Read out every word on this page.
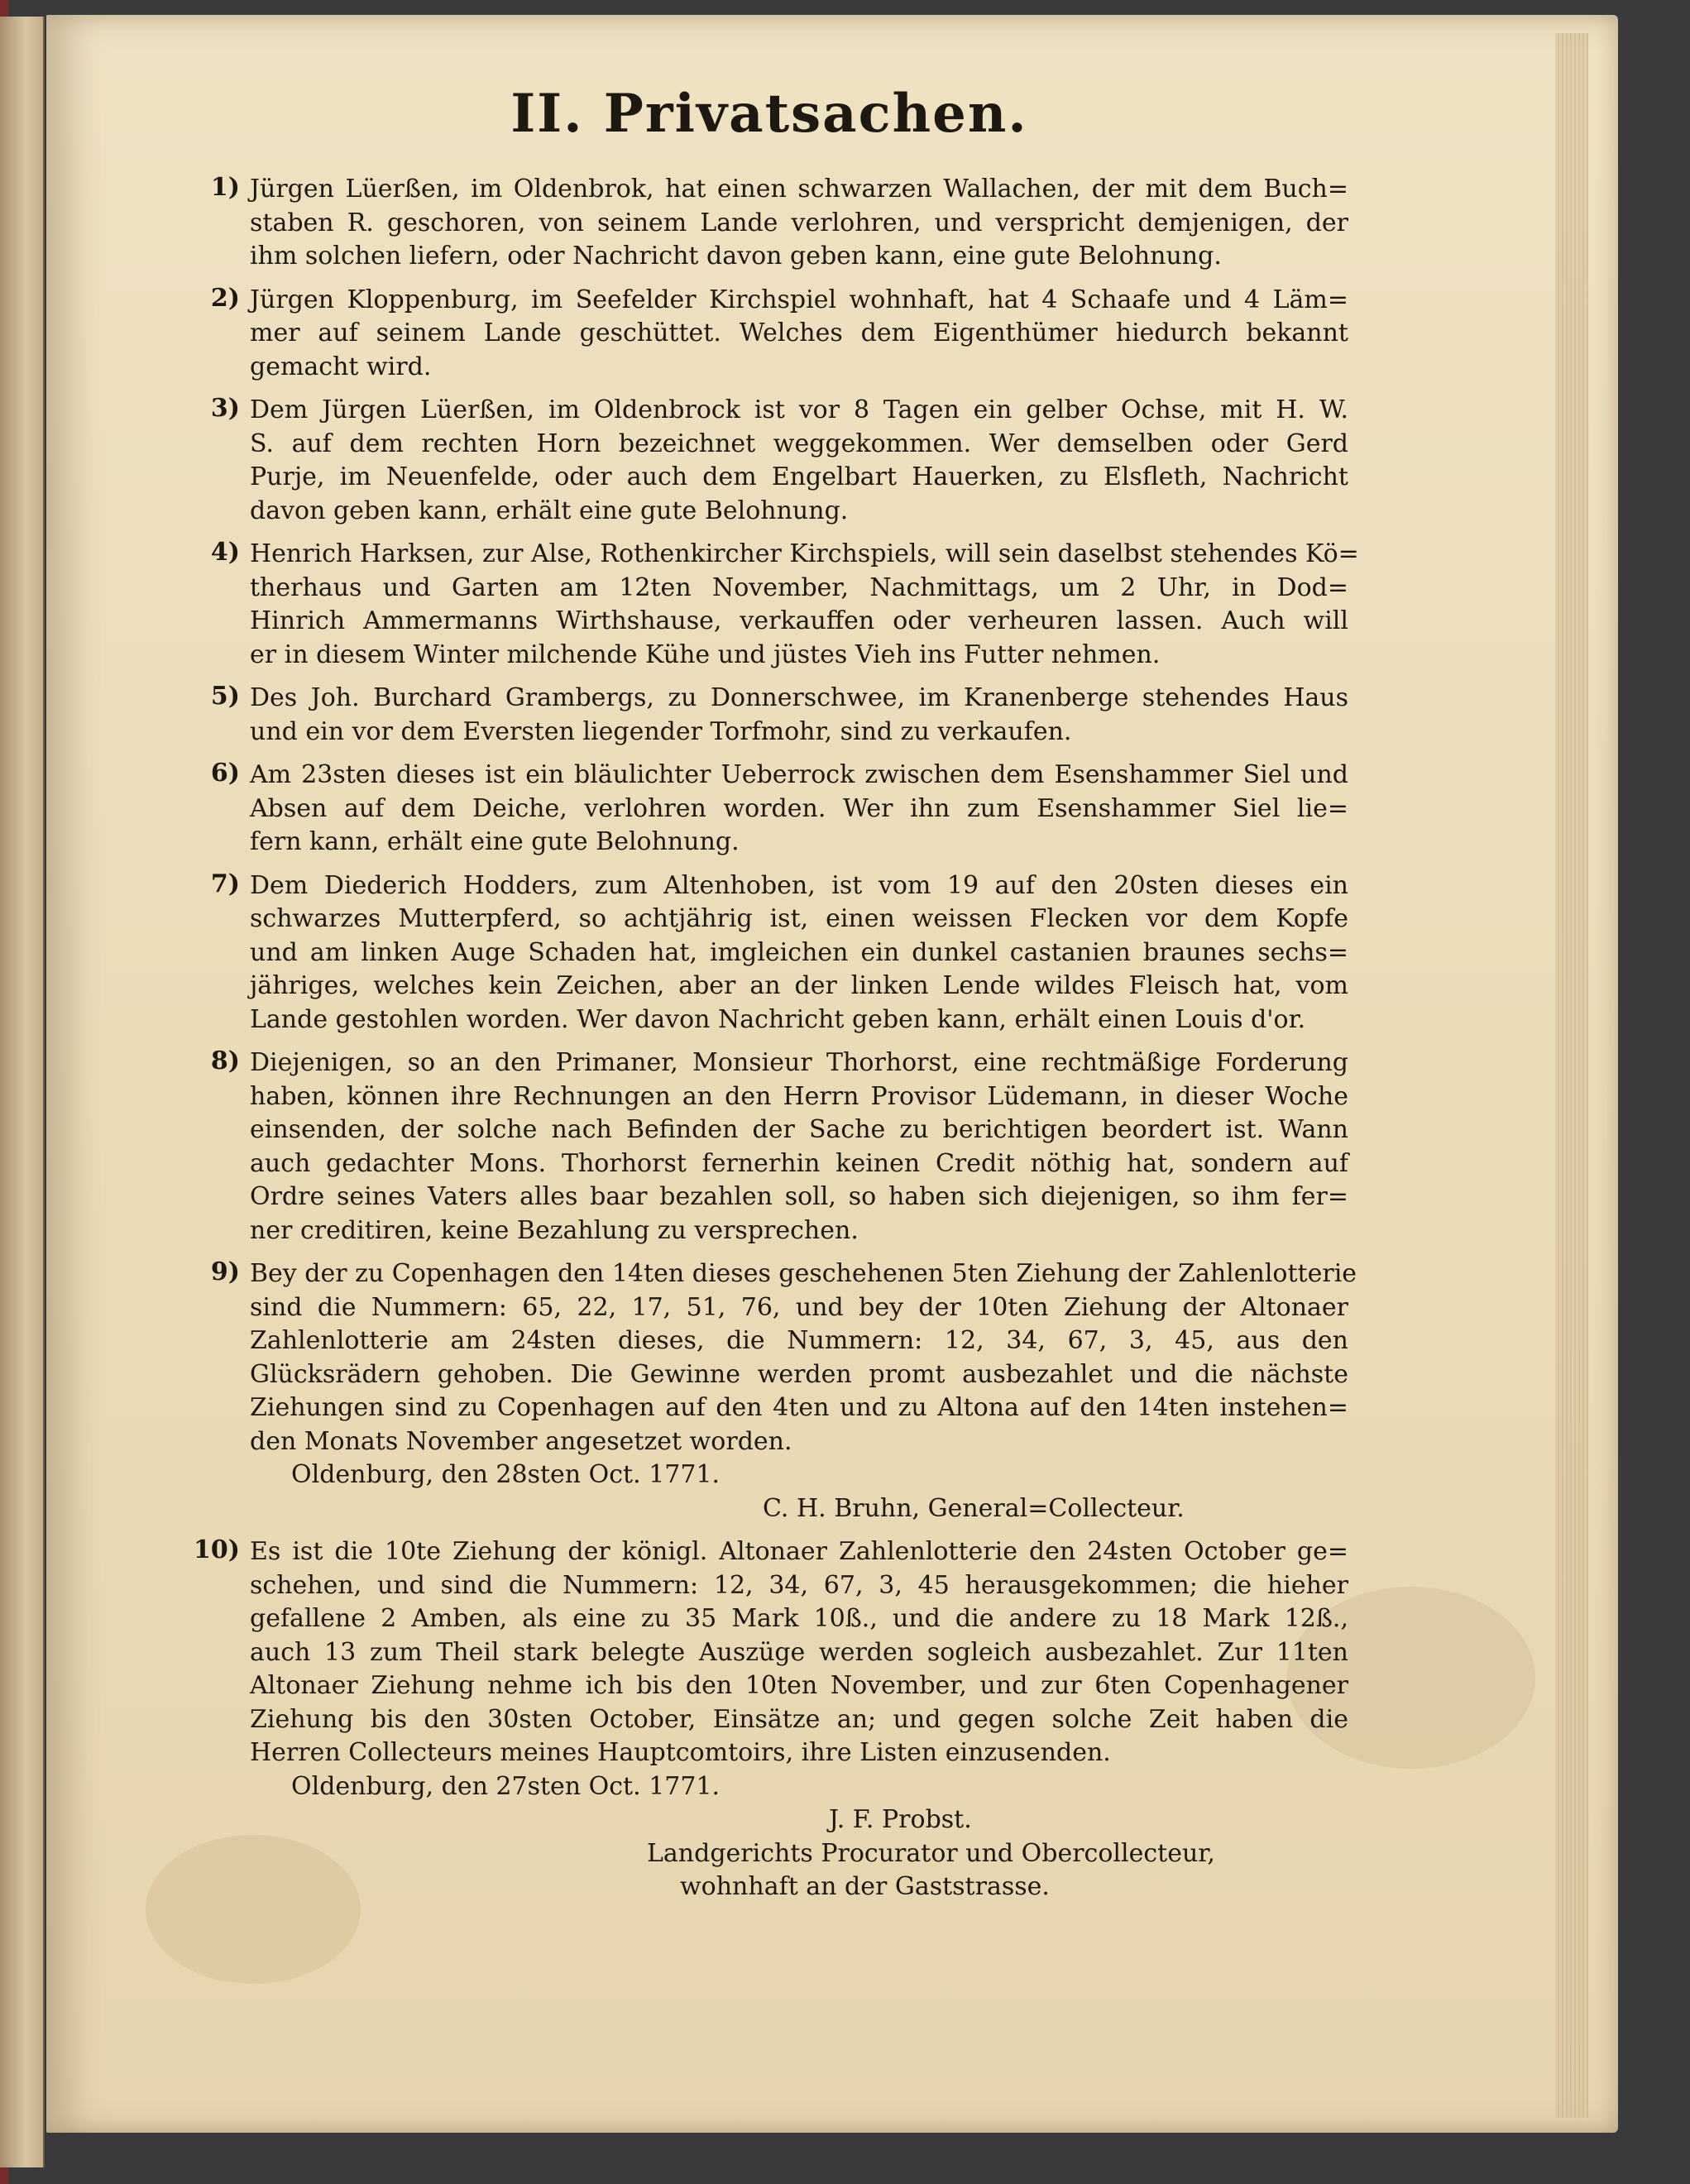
II. Privatsachen.
1) Jürgen Lüerßen, im Oldenbrok, hat einen schwarzen Wallachen, der mit dem Buch=
staben R. geschoren, von seinem Lande verlohren, und verspricht demjenigen, der
ihm solchen liefern, oder Nachricht davon geben kann, eine gute Belohnung.
2) Jürgen Kloppenburg, im Seefelder Kirchspiel wohnhaft, hat 4 Schaafe und 4 Läm=
mer auf seinem Lande geschüttet. Welches dem Eigenthümer hiedurch bekannt
gemacht wird.
3) Dem Jürgen Lüerßen, im Oldenbrock ist vor 8 Tagen ein gelber Ochse, mit H. W.
S. auf dem rechten Horn bezeichnet weggekommen. Wer demselben oder Gerd
Purje, im Neuenfelde, oder auch dem Engelbart Hauerken, zu Elsfleth, Nachricht
davon geben kann, erhält eine gute Belohnung.
4) Henrich Harksen, zur Alse, Rothenkircher Kirchspiels, will sein daselbst stehendes Kö=
therhaus und Garten am 12ten November, Nachmittags, um 2 Uhr, in Dod=
Hinrich Ammermanns Wirthshause, verkauffen oder verheuren lassen. Auch will
er in diesem Winter milchende Kühe und jüstes Vieh ins Futter nehmen.
5) Des Joh. Burchard Grambergs, zu Donnerschwee, im Kranenberge stehendes Haus
und ein vor dem Eversten liegender Torfmohr, sind zu verkaufen.
6) Am 23sten dieses ist ein bläulichter Ueberrock zwischen dem Esenshammer Siel und
Absen auf dem Deiche, verlohren worden. Wer ihn zum Esenshammer Siel lie=
fern kann, erhält eine gute Belohnung.
7) Dem Diederich Hodders, zum Altenhoben, ist vom 19 auf den 20sten dieses ein
schwarzes Mutterpferd, so achtjährig ist, einen weissen Flecken vor dem Kopfe
und am linken Auge Schaden hat, imgleichen ein dunkel castanien braunes sechs=
jähriges, welches kein Zeichen, aber an der linken Lende wildes Fleisch hat, vom
Lande gestohlen worden. Wer davon Nachricht geben kann, erhält einen Louis d'or.
8) Diejenigen, so an den Primaner, Monsieur Thorhorst, eine rechtmäßige Forderung
haben, können ihre Rechnungen an den Herrn Provisor Lüdemann, in dieser Woche
einsenden, der solche nach Befinden der Sache zu berichtigen beordert ist. Wann
auch gedachter Mons. Thorhorst fernerhin keinen Credit nöthig hat, sondern auf
Ordre seines Vaters alles baar bezahlen soll, so haben sich diejenigen, so ihm fer=
ner creditiren, keine Bezahlung zu versprechen.
9) Bey der zu Copenhagen den 14ten dieses geschehenen 5ten Ziehung der Zahlenlotterie
sind die Nummern: 65, 22, 17, 51, 76, und bey der 10ten Ziehung der Altonaer
Zahlenlotterie am 24sten dieses, die Nummern: 12, 34, 67, 3, 45, aus den
Glücksrädern gehoben. Die Gewinne werden promt ausbezahlet und die nächste
Ziehungen sind zu Copenhagen auf den 4ten und zu Altona auf den 14ten instehen=
den Monats November angesetzet worden.
Oldenburg, den 28sten Oct. 1771.
C. H. Bruhn, General=Collecteur.
10) Es ist die 10te Ziehung der königl. Altonaer Zahlenlotterie den 24sten October ge=
schehen, und sind die Nummern: 12, 34, 67, 3, 45 herausgekommen; die hieher
gefallene 2 Amben, als eine zu 35 Mark 10ß., und die andere zu 18 Mark 12ß.,
auch 13 zum Theil stark belegte Auszüge werden sogleich ausbezahlet. Zur 11ten
Altonaer Ziehung nehme ich bis den 10ten November, und zur 6ten Copenhagener
Ziehung bis den 30sten October, Einsätze an; und gegen solche Zeit haben die
Herren Collecteurs meines Hauptcomtoirs, ihre Listen einzusenden.
Oldenburg, den 27sten Oct. 1771.
J. F. Probst.
Landgerichts Procurator und Obercollecteur,
wohnhaft an der Gaststrasse.
